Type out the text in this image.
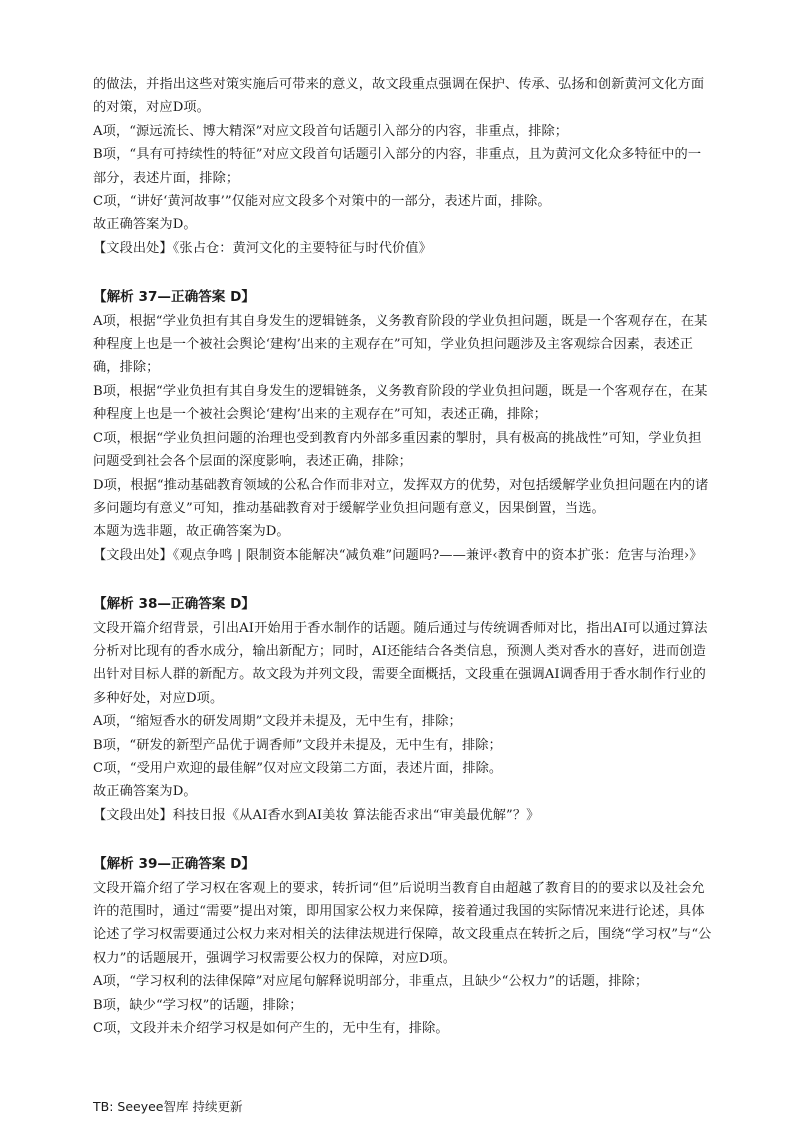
的做法，并指出这些对策实施后可带来的意义，故文段重点强调在保护、传承、弘扬和创新黄河文化方面的对策，对应D项。

A项，“源远流长、博大精深”对应文段首句话题引入部分的内容，非重点，排除；

B项，“具有可持续性的特征”对应文段首句话题引入部分的内容，非重点，且为黄河文化众多特征中的一部分，表述片面，排除；

C项，“讲好‘黄河故事’”仅能对应文段多个对策中的一部分，表述片面，排除。

故正确答案为D。

【文段出处】《张占仓：黄河文化的主要特征与时代价值》

【解析 37—正确答案 D】

A项，根据“学业负担有其自身发生的逻辑链条，义务教育阶段的学业负担问题，既是一个客观存在，在某种程度上也是一个被社会舆论‘建构’出来的主观存在”可知，学业负担问题涉及主客观综合因素，表述正确，排除；

B项，根据“学业负担有其自身发生的逻辑链条，义务教育阶段的学业负担问题，既是一个客观存在，在某种程度上也是一个被社会舆论‘建构’出来的主观存在”可知，表述正确，排除；

C项，根据“学业负担问题的治理也受到教育内外部多重因素的掣肘，具有极高的挑战性”可知，学业负担问题受到社会各个层面的深度影响，表述正确，排除；

D项，根据“推动基础教育领域的公私合作而非对立，发挥双方的优势，对包括缓解学业负担问题在内的诸多问题均有意义”可知，推动基础教育对于缓解学业负担问题有意义，因果倒置，当选。

本题为选非题，故正确答案为D。

【文段出处】《观点争鸣 | 限制资本能解决“减负难”问题吗?——兼评‹教育中的资本扩张：危害与治理›》

【解析 38—正确答案 D】

文段开篇介绍背景，引出AI开始用于香水制作的话题。随后通过与传统调香师对比，指出AI可以通过算法分析对比现有的香水成分，输出新配方；同时，AI还能结合各类信息，预测人类对香水的喜好，进而创造出针对目标人群的新配方。故文段为并列文段，需要全面概括，文段重在强调AI调香用于香水制作行业的多种好处，对应D项。

A项，“缩短香水的研发周期”文段并未提及，无中生有，排除；

B项，“研发的新型产品优于调香师”文段并未提及，无中生有，排除；

C项，“受用户欢迎的最佳解”仅对应文段第二方面，表述片面，排除。

故正确答案为D。

【文段出处】科技日报《从AI香水到AI美妆 算法能否求出“审美最优解”？》

【解析 39—正确答案 D】

文段开篇介绍了学习权在客观上的要求，转折词“但”后说明当教育自由超越了教育目的的要求以及社会允许的范围时，通过“需要”提出对策，即用国家公权力来保障，接着通过我国的实际情况来进行论述，具体论述了学习权需要通过公权力来对相关的法律法规进行保障，故文段重点在转折之后，围绕“学习权”与“公权力”的话题展开，强调学习权需要公权力的保障，对应D项。

A项，“学习权利的法律保障”对应尾句解释说明部分，非重点，且缺少“公权力”的话题，排除；

B项，缺少“学习权”的话题，排除；

C项，文段并未介绍学习权是如何产生的，无中生有，排除。

TB: Seeyee智库 持续更新
